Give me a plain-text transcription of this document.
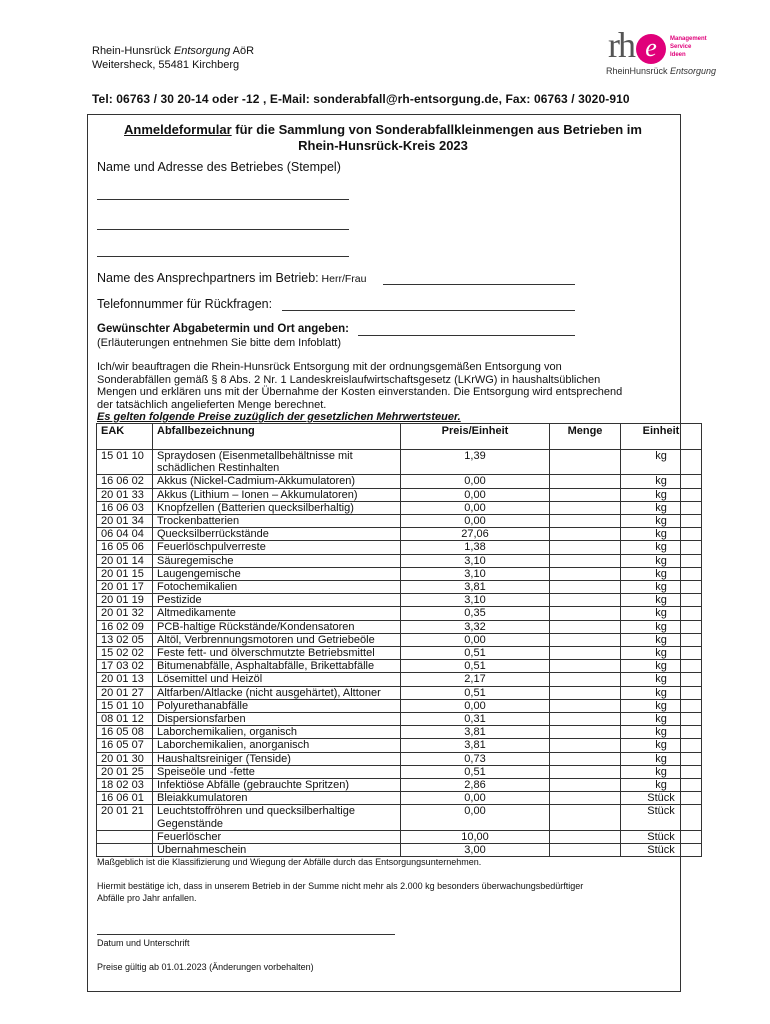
Rhein-Hunsrück Entsorgung AöR
Weitersheck, 55481 Kirchberg	rh e	Management
Service
Ideen
RheinHunsrück Entsorgung
Tel: 06763 / 30 20-14 oder -12 , E-Mail: sonderabfall@rh-entsorgung.de, Fax: 06763 / 3020-910
Anmeldeformular für die Sammlung von Sonderabfallkleinmengen aus Betrieben im
Rhein-Hunsrück-Kreis 2023
Name und Adresse des Betriebes (Stempel)
Name des Ansprechpartners im Betrieb: Herr/Frau
Telefonnummer für Rückfragen:
Gewünschter Abgabetermin und Ort angeben:
(Erläuterungen entnehmen Sie bitte dem Infoblatt)
Ich/wir beauftragen die Rhein-Hunsrück Entsorgung mit der ordnungsgemäßen Entsorgung von
Sonderabfällen gemäß § 8 Abs. 2 Nr. 1 Landeskreislaufwirtschaftsgesetz (LKrWG) in haushaltsüblichen
Mengen und erklären uns mit der Übernahme der Kosten einverstanden. Die Entsorgung wird entsprechend
der tatsächlich angelieferten Menge berechnet.
Es gelten folgende Preise zuzüglich der gesetzlichen Mehrwertsteuer.
EAK	Abfallbezeichnung	Preis/Einheit	Menge	Einheit
15 01 10	Spraydosen (Eisenmetallbehältnisse mit
schädlichen Restinhalten	1,39		kg
16 06 02	Akkus (Nickel-Cadmium-Akkumulatoren)	0,00		kg
20 01 33	Akkus (Lithium – Ionen – Akkumulatoren)	0,00		kg
16 06 03	Knopfzellen (Batterien quecksilberhaltig)	0,00		kg
20 01 34	Trockenbatterien	0,00		kg
06 04 04	Quecksilberrückstände	27,06		kg
16 05 06	Feuerlöschpulverreste	1,38		kg
20 01 14	Säuregemische	3,10		kg
20 01 15	Laugengemische	3,10		kg
20 01 17	Fotochemikalien	3,81		kg
20 01 19	Pestizide	3,10		kg
20 01 32	Altmedikamente	0,35		kg
16 02 09	PCB-haltige Rückstände/Kondensatoren	3,32		kg
13 02 05	Altöl, Verbrennungsmotoren und Getriebeöle	0,00		kg
15 02 02	Feste fett- und ölverschmutzte Betriebsmittel	0,51		kg
17 03 02	Bitumenabfälle, Asphaltabfälle, Brikettabfälle	0,51		kg
20 01 13	Lösemittel und Heizöl	2,17		kg
20 01 27	Altfarben/Altlacke (nicht ausgehärtet), Alttoner	0,51		kg
15 01 10	Polyurethanabfälle	0,00		kg
08 01 12	Dispersionsfarben	0,31		kg
16 05 08	Laborchemikalien, organisch	3,81		kg
16 05 07	Laborchemikalien, anorganisch	3,81		kg
20 01 30	Haushaltsreiniger (Tenside)	0,73		kg
20 01 25	Speiseöle und -fette	0,51		kg
18 02 03	Infektiöse Abfälle (gebrauchte Spritzen)	2,86		kg
16 06 01	Bleiakkumulatoren	0,00		Stück
20 01 21	Leuchtstoffröhren und quecksilberhaltige
Gegenstände	0,00		Stück

	Feuerlöscher	10,00		Stück

	Übernahmeschein	3,00		Stück
Maßgeblich ist die Klassifizierung und Wiegung der Abfälle durch das Entsorgungsunternehmen.
Hiermit bestätige ich, dass in unserem Betrieb in der Summe nicht mehr als 2.000 kg besonders überwachungsbedürftiger
Abfälle pro Jahr anfallen.
Datum und Unterschrift
Preise gültig ab 01.01.2023 (Änderungen vorbehalten)
